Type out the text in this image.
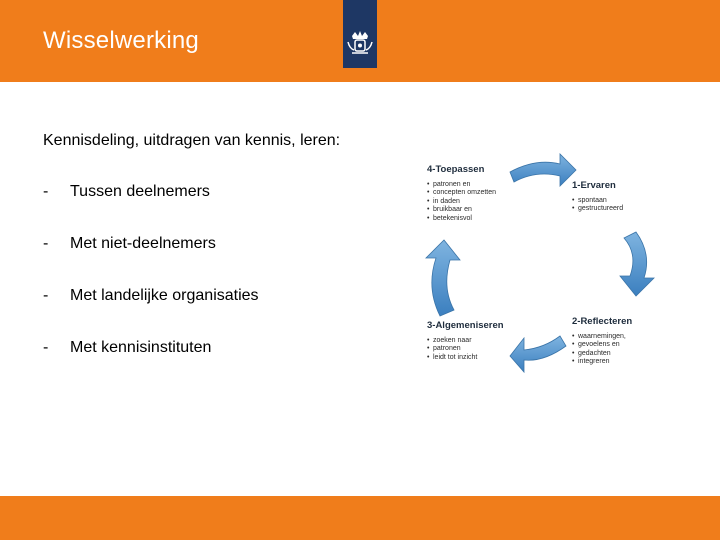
Wisselwerking
Kennisdeling, uitdragen van kennis, leren:
- Tussen deelnemers
- Met niet-deelnemers
- Met landelijke organisaties
- Met kennisinstituten
4-Toepassen
• patronen en
• concepten omzetten
• in daden
• bruikbaar en
• betekenisvol
1-Ervaren
• spontaan
• gestructureerd
3-Algemeniseren
• zoeken naar
• patronen
• leidt tot inzicht
2-Reflecteren
• waarnemingen,
• gevoelens en
• gedachten
• integreren
